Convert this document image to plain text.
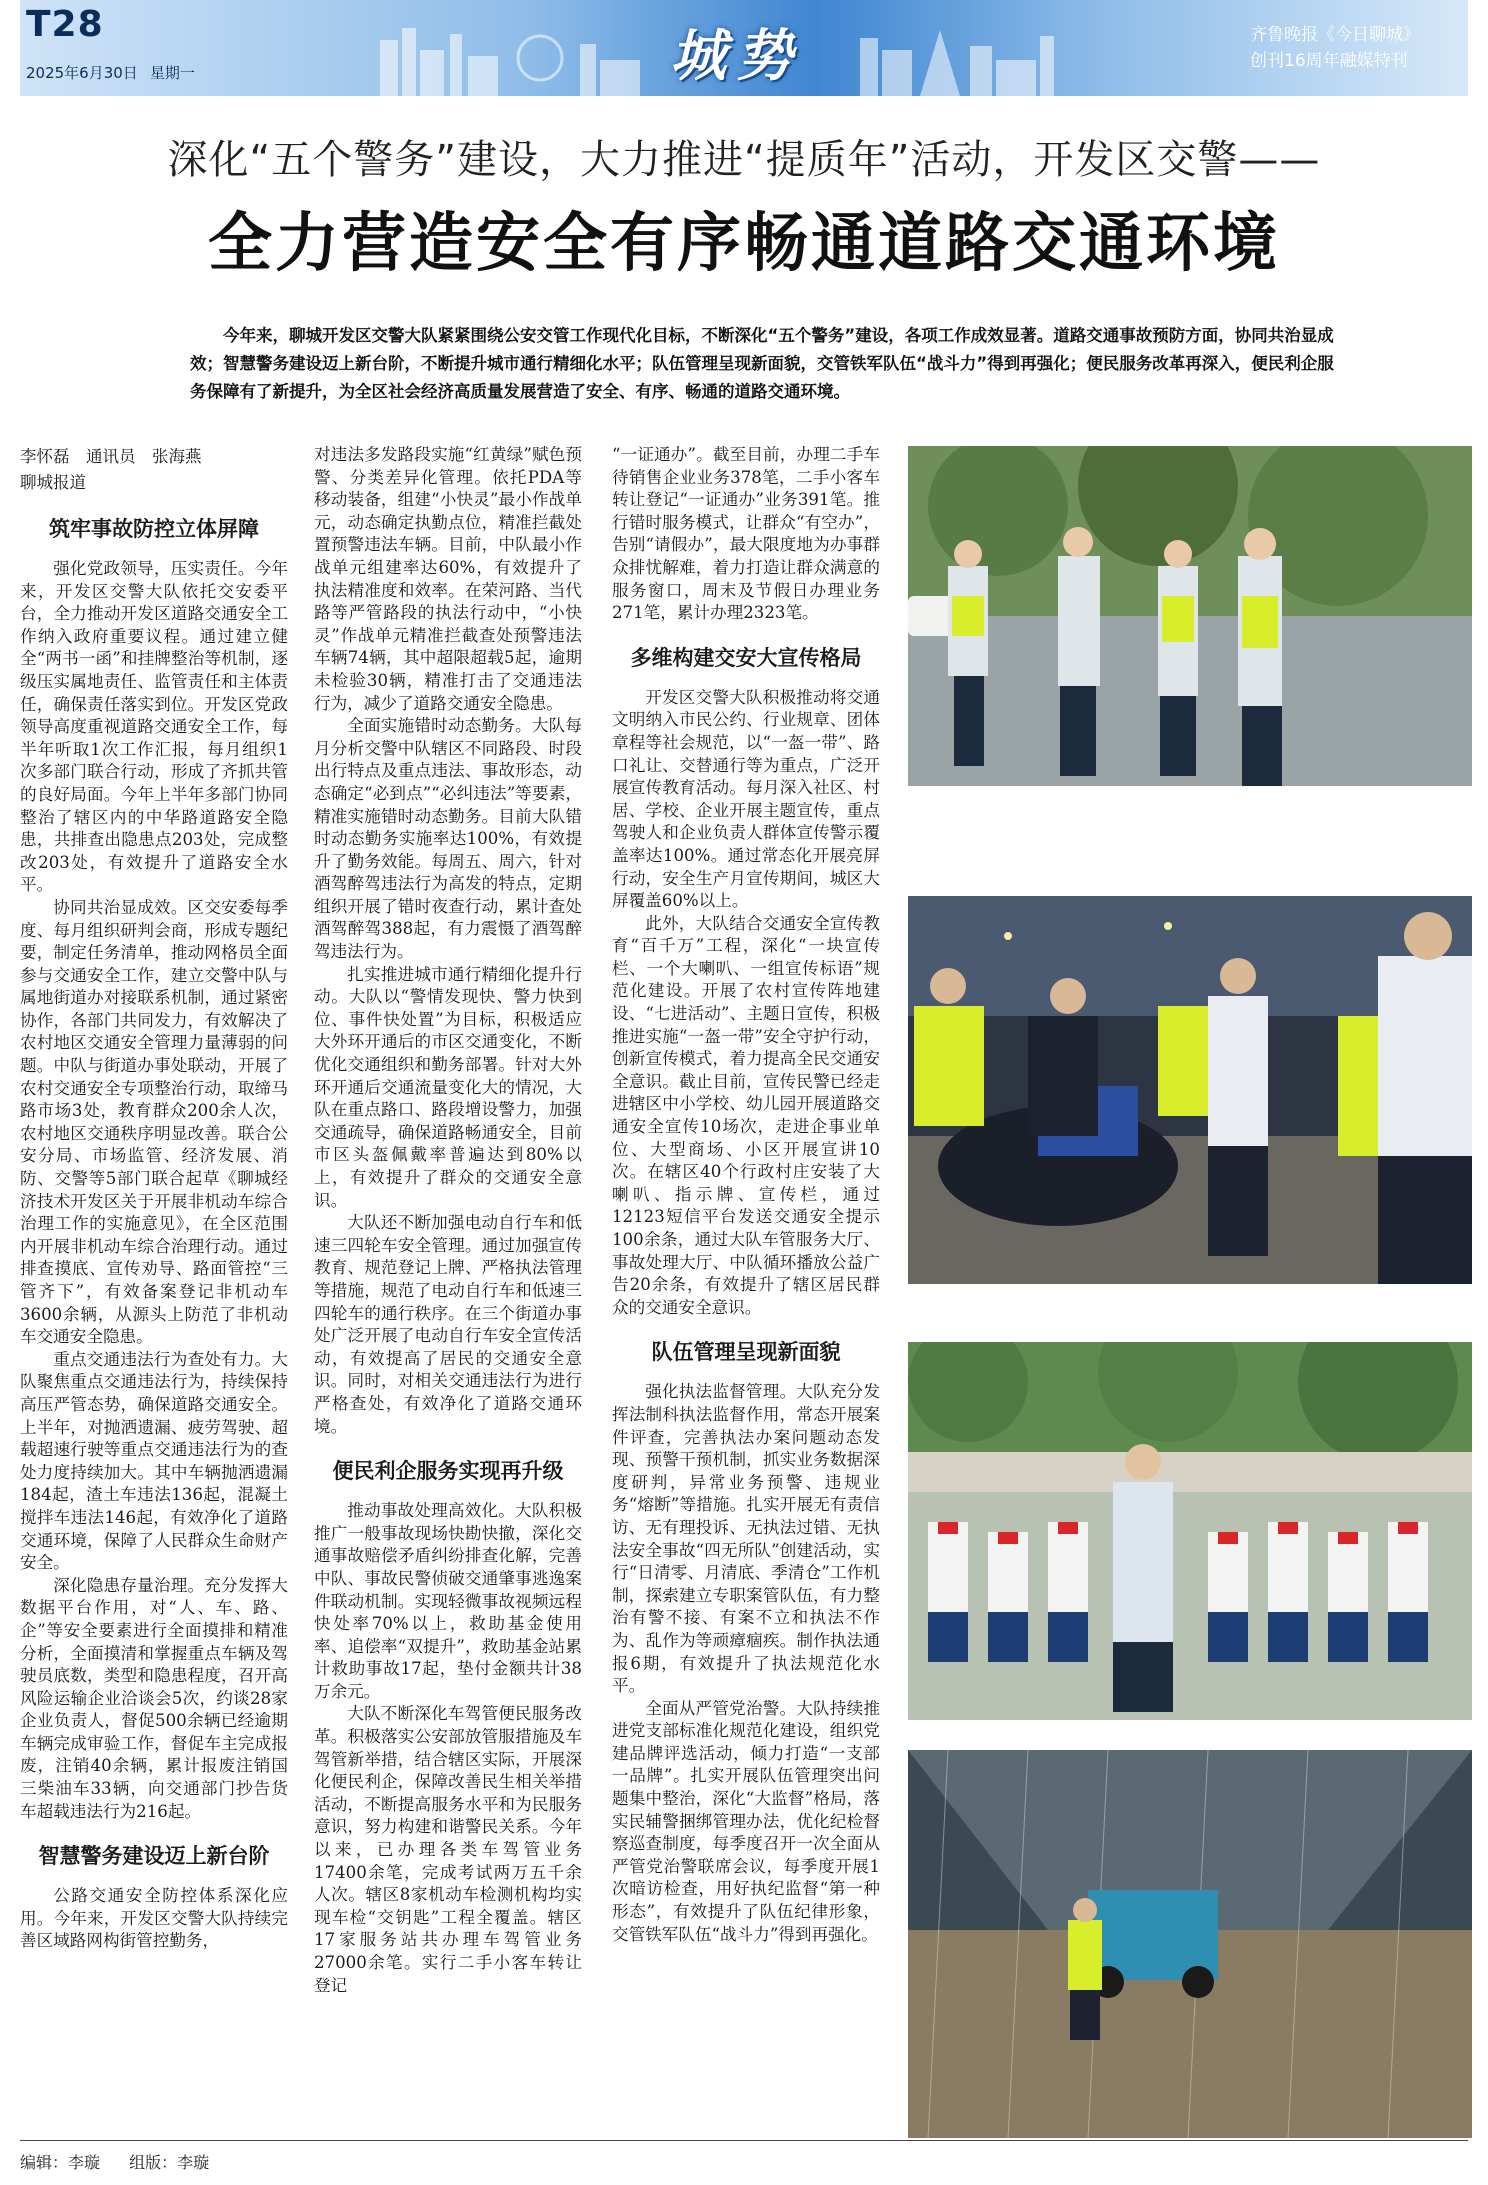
T28
2025年6月30日 星期一	城势	齐鲁晚报《今日聊城》
创刊16周年融媒特刊
深化“五个警务”建设，大力推进“提质年”活动，开发区交警——
全力营造安全有序畅通道路交通环境

今年来，聊城开发区交警大队紧紧围绕公安交管工作现代化目标，不断深化“五个警务”建设，各项工作成效显著。道路交通事故预防方面，协同共治显成效；智慧警务建设迈上新台阶，不断提升城市通行精细化水平；队伍管理呈现新面貌，交管铁军队伍“战斗力”得到再强化；便民服务改革再深入，便民利企服务保障有了新提升，为全区社会经济高质量发展营造了安全、有序、畅通的道路交通环境。

李怀磊　通讯员　张海燕
聊城报道
筑牢事故防控立体屏障

强化党政领导，压实责任。今年来，开发区交警大队依托交安委平台，全力推动开发区道路交通安全工作纳入政府重要议程。通过建立健全“两书一函”和挂牌整治等机制，逐级压实属地责任、监管责任和主体责任，确保责任落实到位。开发区党政领导高度重视道路交通安全工作，每半年听取1次工作汇报，每月组织1次多部门联合行动，形成了齐抓共管的良好局面。今年上半年多部门协同整治了辖区内的中华路道路安全隐患，共排查出隐患点203处，完成整改203处，有效提升了道路安全水平。

协同共治显成效。区交安委每季度、每月组织研判会商，形成专题纪要，制定任务清单，推动网格员全面参与交通安全工作，建立交警中队与属地街道办对接联系机制，通过紧密协作，各部门共同发力，有效解决了农村地区交通安全管理力量薄弱的问题。中队与街道办事处联动，开展了农村交通安全专项整治行动，取缔马路市场3处，教育群众200余人次，农村地区交通秩序明显改善。联合公安分局、市场监管、经济发展、消防、交警等5部门联合起草《聊城经济技术开发区关于开展非机动车综合治理工作的实施意见》，在全区范围内开展非机动车综合治理行动。通过排查摸底、宣传劝导、路面管控“三管齐下”，有效备案登记非机动车3600余辆，从源头上防范了非机动车交通安全隐患。

重点交通违法行为查处有力。大队聚焦重点交通违法行为，持续保持高压严管态势，确保道路交通安全。上半年，对抛洒遗漏、疲劳驾驶、超载超速行驶等重点交通违法行为的查处力度持续加大。其中车辆抛洒遗漏184起，渣土车违法136起，混凝土搅拌车违法146起，有效净化了道路交通环境，保障了人民群众生命财产安全。

深化隐患存量治理。充分发挥大数据平台作用，对“人、车、路、企”等安全要素进行全面摸排和精准分析，全面摸清和掌握重点车辆及驾驶员底数，类型和隐患程度，召开高风险运输企业洽谈会5次，约谈28家企业负责人，督促500余辆已经逾期车辆完成审验工作，督促车主完成报废，注销40余辆，累计报废注销国三柴油车33辆，向交通部门抄告货车超载违法行为216起。

智慧警务建设迈上新台阶

公路交通安全防控体系深化应用。今年来，开发区交警大队持续完善区域路网构街管控勤务，

对违法多发路段实施“红黄绿”赋色预警、分类差异化管理。依托PDA等移动装备，组建“小快灵”最小作战单元，动态确定执勤点位，精准拦截处置预警违法车辆。目前，中队最小作战单元组建率达60%，有效提升了执法精准度和效率。在荣河路、当代路等严管路段的执法行动中，“小快灵”作战单元精准拦截查处预警违法车辆74辆，其中超限超载5起，逾期未检验30辆，精准打击了交通违法行为，减少了道路交通安全隐患。

全面实施错时动态勤务。大队每月分析交警中队辖区不同路段、时段出行特点及重点违法、事故形态，动态确定“必到点”“必纠违法”等要素，精准实施错时动态勤务。目前大队错时动态勤务实施率达100%，有效提升了勤务效能。每周五、周六，针对酒驾醉驾违法行为高发的特点，定期组织开展了错时夜查行动，累计查处酒驾醉驾388起，有力震慑了酒驾醉驾违法行为。

扎实推进城市通行精细化提升行动。大队以“警情发现快、警力快到位、事件快处置”为目标，积极适应大外环开通后的市区交通变化，不断优化交通组织和勤务部署。针对大外环开通后交通流量变化大的情况，大队在重点路口、路段增设警力，加强交通疏导，确保道路畅通安全，目前市区头盔佩戴率普遍达到80%以上，有效提升了群众的交通安全意识。

大队还不断加强电动自行车和低速三四轮车安全管理。通过加强宣传教育、规范登记上牌、严格执法管理等措施，规范了电动自行车和低速三四轮车的通行秩序。在三个街道办事处广泛开展了电动自行车安全宣传活动，有效提高了居民的交通安全意识。同时，对相关交通违法行为进行严格查处，有效净化了道路交通环境。

便民利企服务实现再升级

推动事故处理高效化。大队积极推广一般事故现场快勘快撤，深化交通事故赔偿矛盾纠纷排查化解，完善中队、事故民警侦破交通肇事逃逸案件联动机制。实现轻微事故视频远程快处率70%以上，救助基金使用率、追偿率“双提升”，救助基金站累计救助事故17起，垫付金额共计38万余元。

大队不断深化车驾管便民服务改革。积极落实公安部放管服措施及车驾管新举措，结合辖区实际，开展深化便民利企，保障改善民生相关举措活动，不断提高服务水平和为民服务意识，努力构建和谐警民关系。今年以来，已办理各类车驾管业务17400余笔，完成考试两万五千余人次。辖区8家机动车检测机构均实现车检“交钥匙”工程全覆盖。辖区17家服务站共办理车驾管业务27000余笔。实行二手小客车转让登记

“一证通办”。截至目前，办理二手车待销售企业业务378笔，二手小客车转让登记“一证通办”业务391笔。推行错时服务模式，让群众“有空办”，告别“请假办”，最大限度地为办事群众排忧解难，着力打造让群众满意的服务窗口，周末及节假日办理业务271笔，累计办理2323笔。

多维构建交安大宣传格局

开发区交警大队积极推动将交通文明纳入市民公约、行业规章、团体章程等社会规范，以“一盔一带”、路口礼让、交替通行等为重点，广泛开展宣传教育活动。每月深入社区、村居、学校、企业开展主题宣传，重点驾驶人和企业负责人群体宣传警示覆盖率达100%。通过常态化开展亮屏行动，安全生产月宣传期间，城区大屏覆盖60%以上。

此外，大队结合交通安全宣传教育“百千万”工程，深化“一块宣传栏、一个大喇叭、一组宣传标语”规范化建设。开展了农村宣传阵地建设、“七进活动”、主题日宣传，积极推进实施“一盔一带”安全守护行动，创新宣传模式，着力提高全民交通安全意识。截止目前，宣传民警已经走进辖区中小学校、幼儿园开展道路交通安全宣传10场次，走进企事业单位、大型商场、小区开展宣讲10次。在辖区40个行政村庄安装了大喇叭、指示牌、宣传栏，通过12123短信平台发送交通安全提示100余条，通过大队车管服务大厅、事故处理大厅、中队循环播放公益广告20余条，有效提升了辖区居民群众的交通安全意识。

队伍管理呈现新面貌

强化执法监督管理。大队充分发挥法制科执法监督作用，常态开展案件评查，完善执法办案问题动态发现、预警干预机制，抓实业务数据深度研判，异常业务预警、违规业务“熔断”等措施。扎实开展无有责信访、无有理投诉、无执法过错、无执法安全事故“四无所队”创建活动，实行“日清零、月清底、季清仓”工作机制，探索建立专职案管队伍，有力整治有警不接、有案不立和执法不作为、乱作为等顽瘴痼疾。制作执法通报6期，有效提升了执法规范化水平。

全面从严管党治警。大队持续推进党支部标准化规范化建设，组织党建品牌评选活动，倾力打造“一支部一品牌”。扎实开展队伍管理突出问题集中整治，深化“大监督”格局，落实民辅警捆绑管理办法，优化纪检督察巡查制度，每季度召开一次全面从严管党治警联席会议，每季度开展1次暗访检查，用好执纪监督“第一种形态”，有效提升了队伍纪律形象，交管铁军队伍“战斗力”得到再强化。

编辑：李璇 组版：李璇
